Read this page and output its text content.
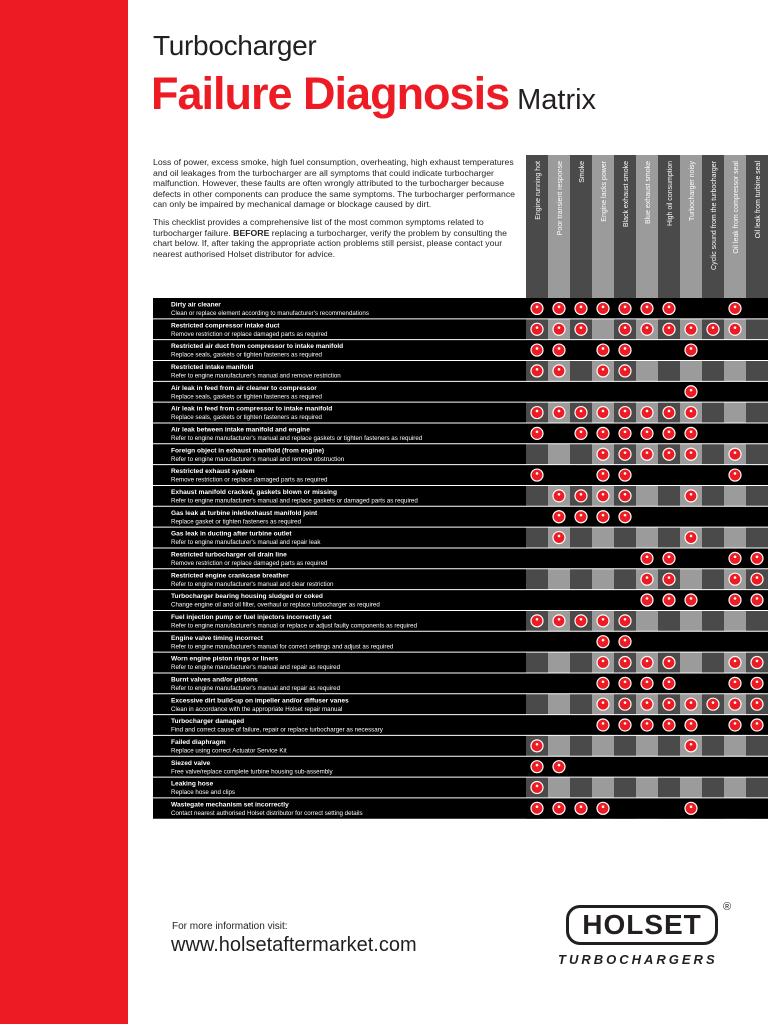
Turbocharger
Failure Diagnosis Matrix

Loss of power, excess smoke, high fuel consumption, overheating, high exhaust temperatures and oil leakages from the turbocharger are all symptoms that could indicate turbocharger malfunction. However, these faults are often wrongly attributed to the turbocharger because defects in other components can produce the same symptoms. The turbocharger performance can only be impaired by mechanical damage or blockage caused by dirt.

This checklist provides a comprehensive list of the most common symptoms related to turbocharger failure. BEFORE replacing a turbocharger, verify the problem by consulting the chart below. If, after taking the appropriate action problems still persist, please contact your nearest authorised Holset distributor for advice.

Engine running hot Poor transient response Smoke Engine lacks power Black exhaust smoke Blue exhaust smoke High oil consumption Turbocharger noisy Cyclic sound from the turbocharger Oil leak from compressor seal Oil leak from turbine seal
Dirty air cleaner
Clean or replace element according to manufacturer's recommendations
Restricted compressor intake duct
Remove restriction or replace damaged parts as required
Restricted air duct from compressor to intake manifold
Replace seals, gaskets or tighten fasteners as required
Restricted intake manifold
Refer to engine manufacturer's manual and remove restriction
Air leak in feed from air cleaner to compressor
Replace seals, gaskets or tighten fasteners as required
Air leak in feed from compressor to intake manifold
Replace seals, gaskets or tighten fasteners as required
Air leak between intake manifold and engine
Refer to engine manufacturer's manual and replace gaskets or tighten fasteners as required
Foreign object in exhaust manifold (from engine)
Refer to engine manufacturer's manual and remove obstruction
Restricted exhaust system
Remove restriction or replace damaged parts as required
Exhaust manifold cracked, gaskets blown or missing
Refer to engine manufacturer's manual and replace gaskets or damaged parts as required
Gas leak at turbine inlet/exhaust manifold joint
Replace gasket or tighten fasteners as required
Gas leak in ducting after turbine outlet
Refer to engine manufacturer's manual and repair leak
Restricted turbocharger oil drain line
Remove restriction or replace damaged parts as required
Restricted engine crankcase breather
Refer to engine manufacturer's manual and clear restriction
Turbocharger bearing housing sludged or coked
Change engine oil and oil filter, overhaul or replace turbocharger as required
Fuel injection pump or fuel injectors incorrectly set
Refer to engine manufacturer's manual or replace or adjust faulty components as required
Engine valve timing incorrect
Refer to engine manufacturer's manual for correct settings and adjust as required
Worn engine piston rings or liners
Refer to engine manufacturer's manual and repair as required
Burnt valves and/or pistons
Refer to engine manufacturer's manual and repair as required
Excessive dirt build-up on impeller and/or diffuser vanes
Clean in accordance with the appropriate Holset repair manual
Turbocharger damaged
Find and correct cause of failure, repair or replace turbocharger as necessary
Failed diaphragm
Replace using correct Actuator Service Kit
Siezed valve
Free valve/replace complete turbine housing sub-assembly
Leaking hose
Replace hose and clips
Wastegate mechanism set incorrectly
Contact nearest authorised Holset distributor for correct setting details
For more information visit:
www.holsetaftermarket.com
HOLSET
®
TURBOCHARGERS
